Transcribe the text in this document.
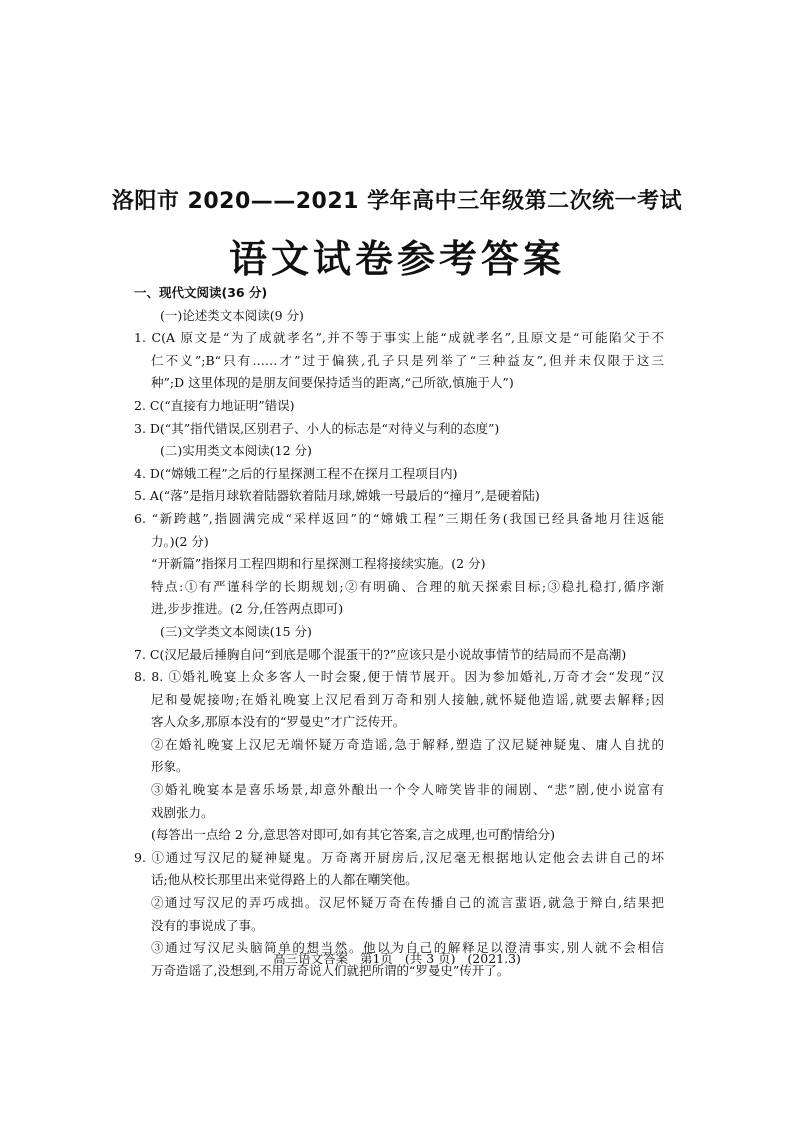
洛阳市 2020——2021 学年高中三年级第二次统一考试
语文试卷参考答案
一、现代文阅读(36 分)
(一)论述类文本阅读(9 分)
1. C(A 原文是“为了成就孝名”,并不等于事实上能“成就孝名”,且原文是“可能陷父于不
仁不义”;B“只有……才”过于偏狭,孔子只是列举了“三种益友”,但并未仅限于这三
种”;D 这里体现的是朋友间要保持适当的距离,“己所欲,慎施于人”)
2. C(“直接有力地证明”错误)
3. D(“其”指代错误,区别君子、小人的标志是“对待义与利的态度”)
(二)实用类文本阅读(12 分)
4. D(“嫦娥工程”之后的行星探测工程不在探月工程项目内)
5. A(“落”是指月球软着陆器软着陆月球,嫦娥一号最后的“撞月”,是硬着陆)
6. “新跨越”,指圆满完成“采样返回”的“嫦娥工程”三期任务(我国已经具备地月往返能
力。)(2 分)
“开新篇”指探月工程四期和行星探测工程将接续实施。(2 分)
特点:①有严谨科学的长期规划;②有明确、合理的航天探索目标;③稳扎稳打,循序渐
进,步步推进。(2 分,任答两点即可)
(三)文学类文本阅读(15 分)
7. C(汉尼最后捶胸自问“到底是哪个混蛋干的?”应该只是小说故事情节的结局而不是高潮)
8. 8. ①婚礼晚宴上众多客人一时会聚,便于情节展开。因为参加婚礼,万奇才会“发现”汉
尼和曼妮接吻;在婚礼晚宴上汉尼看到万奇和别人接触,就怀疑他造谣,就要去解释;因
客人众多,那原本没有的“罗曼史”才广泛传开。
②在婚礼晚宴上汉尼无端怀疑万奇造谣,急于解释,塑造了汉尼疑神疑鬼、庸人自扰的
形象。
③婚礼晚宴本是喜乐场景,却意外酿出一个令人啼笑皆非的闹剧、“悲”剧,使小说富有
戏剧张力。
(每答出一点给 2 分,意思答对即可,如有其它答案,言之成理,也可酌情给分)
9. ①通过写汉尼的疑神疑鬼。万奇离开厨房后,汉尼毫无根据地认定他会去讲自己的坏
话;他从校长那里出来觉得路上的人都在嘲笑他。
②通过写汉尼的弄巧成拙。汉尼怀疑万奇在传播自己的流言蜚语,就急于辩白,结果把
没有的事说成了事。
③通过写汉尼头脑简单的想当然。他以为自己的解释足以澄清事实,别人就不会相信
万奇造谣了,没想到,不用万奇说人们就把所谓的“罗曼史”传开了。
高三语文答案   第1页   (共 3 页)   (2021.3)
